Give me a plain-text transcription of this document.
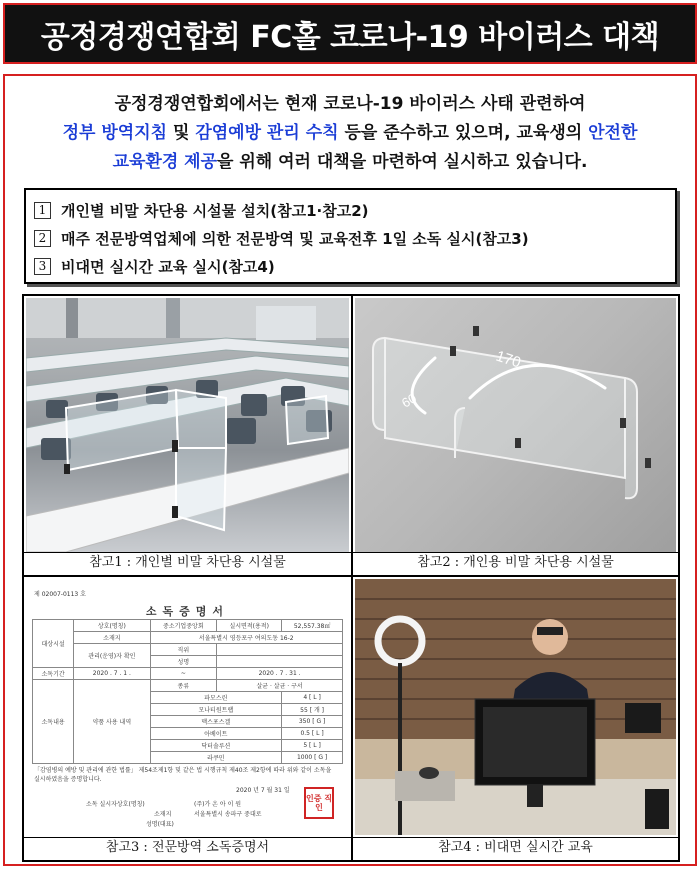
공정경쟁연합회 FC홀 코로나-19 바이러스 대책
공정경쟁연합회에서는 현재 코로나-19 바이러스 사태 관련하여
정부 방역지침 및 감염예방 관리 수칙 등을 준수하고 있으며, 교육생의 안전한
교육환경 제공을 위해 여러 대책을 마련하여 실시하고 있습니다.
1 개인별 비말 차단용 시설물 설치(참고1·참고2)
2 매주 전문방역업체에 의한 전문방역 및 교육전후 1일 소독 실시(참고3)
3 비대면 실시간 교육 실시(참고4)
170
60
참고1 : 개인별 비말 차단용 시설물	참고2 : 개인용 비말 차단용 시설물
제 02007-0113 호
소독증명서
대상시설	상호(명칭)	중소기업중앙회	실시면적(용적)	52,557.38㎡
	소재지	서울특별시 영등포구 여의도동 16-2		
	관리(운영)자 확인	직위		
		성명		
소독기간	2020 . 7 . 1 .	~	2020 . 7 . 31 .	
소독내용	약품 사용 내역	종류	살균 · 살균 · 구서	
		파모스린		4 [ L ]
		모나티원트랩		55 [ 개 ]
		맥스포스겔		350 [ G ]
		아베이트		0.5 [ L ]
		닥터솔루션		5 [ L ]
		라쿠민		1000 [ G ]
「감염병의 예방 및 관리에 관한 법률」 제54조제1항 및 같은 법 시행규칙 제40조 제2항에 따라 위와 같이 소독을 실시하였음을 증명합니다.
2020 년 7 월 31 일
소독 실시자상호(명칭)	(주)가 온 아 이 원
소재지	서울특별시 송파구 중대로
성명(대표)
인증 직인
참고3 : 전문방역 소독증명서	참고4 : 비대면 실시간 교육
